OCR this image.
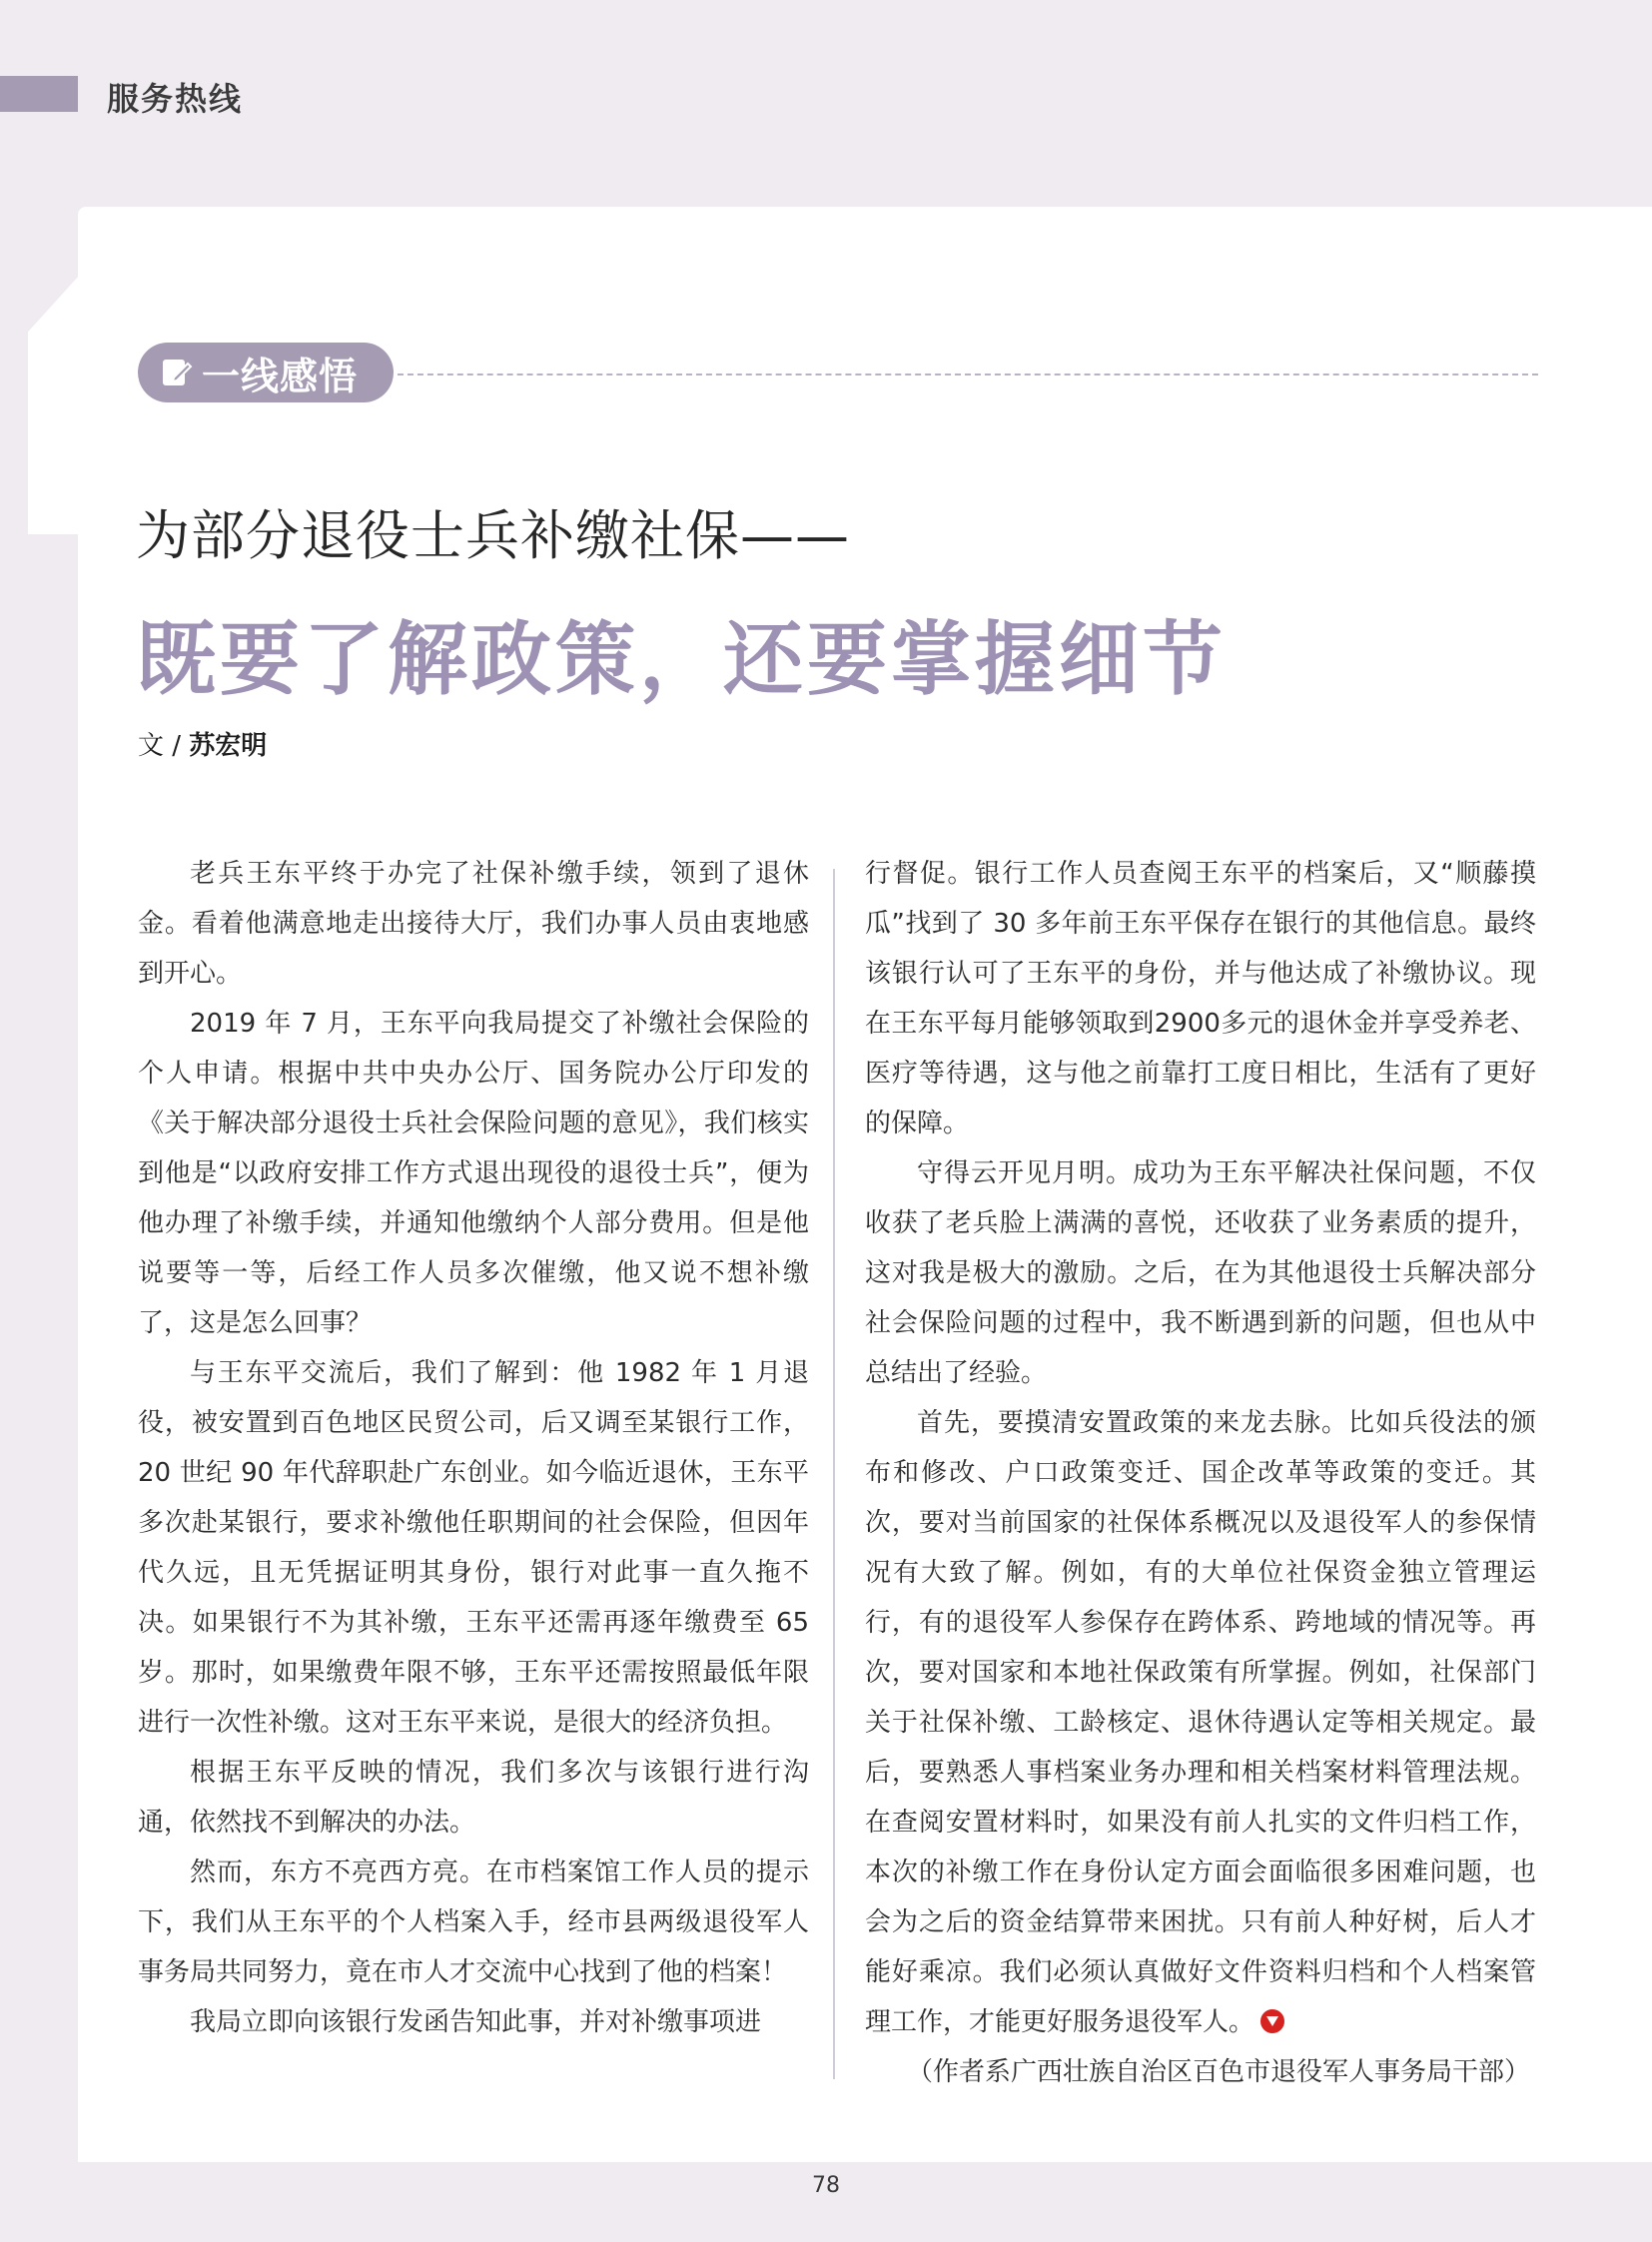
服务热线
一线感悟
为部分退役士兵补缴社保——
既要了解政策，还要掌握细节
文 / 苏宏明

老兵王东平终于办完了社保补缴手续，领到了退休金。看着他满意地走出接待大厅，我们办事人员由衷地感到开心。

2019 年 7 月，王东平向我局提交了补缴社会保险的个人申请。根据中共中央办公厅、国务院办公厅印发的《关于解决部分退役士兵社会保险问题的意见》，我们核实到他是“以政府安排工作方式退出现役的退役士兵”，便为他办理了补缴手续，并通知他缴纳个人部分费用。但是他说要等一等，后经工作人员多次催缴，他又说不想补缴了，这是怎么回事？

与王东平交流后，我们了解到：他 1982 年 1 月退役，被安置到百色地区民贸公司，后又调至某银行工作，20 世纪 90 年代辞职赴广东创业。如今临近退休，王东平多次赴某银行，要求补缴他任职期间的社会保险，但因年代久远，且无凭据证明其身份，银行对此事一直久拖不决。如果银行不为其补缴，王东平还需再逐年缴费至 65 岁。那时，如果缴费年限不够，王东平还需按照最低年限进行一次性补缴。这对王东平来说，是很大的经济负担。

根据王东平反映的情况，我们多次与该银行进行沟通，依然找不到解决的办法。

然而，东方不亮西方亮。在市档案馆工作人员的提示下，我们从王东平的个人档案入手，经市县两级退役军人事务局共同努力，竟在市人才交流中心找到了他的档案！

我局立即向该银行发函告知此事，并对补缴事项进

行督促。银行工作人员查阅王东平的档案后，又“顺藤摸瓜”找到了 30 多年前王东平保存在银行的其他信息。最终该银行认可了王东平的身份，并与他达成了补缴协议。现在王东平每月能够领取到2900多元的退休金并享受养老、医疗等待遇，这与他之前靠打工度日相比，生活有了更好的保障。

守得云开见月明。成功为王东平解决社保问题，不仅收获了老兵脸上满满的喜悦，还收获了业务素质的提升，这对我是极大的激励。之后，在为其他退役士兵解决部分社会保险问题的过程中，我不断遇到新的问题，但也从中总结出了经验。

首先，要摸清安置政策的来龙去脉。比如兵役法的颁布和修改、户口政策变迁、国企改革等政策的变迁。其次，要对当前国家的社保体系概况以及退役军人的参保情况有大致了解。例如，有的大单位社保资金独立管理运行，有的退役军人参保存在跨体系、跨地域的情况等。再次，要对国家和本地社保政策有所掌握。例如，社保部门关于社保补缴、工龄核定、退休待遇认定等相关规定。最后，要熟悉人事档案业务办理和相关档案材料管理法规。在查阅安置材料时，如果没有前人扎实的文件归档工作，本次的补缴工作在身份认定方面会面临很多困难问题，也会为之后的资金结算带来困扰。只有前人种好树，后人才能好乘凉。我们必须认真做好文件资料归档和个人档案管理工作，才能更好服务退役军人。

（作者系广西壮族自治区百色市退役军人事务局干部）

78
